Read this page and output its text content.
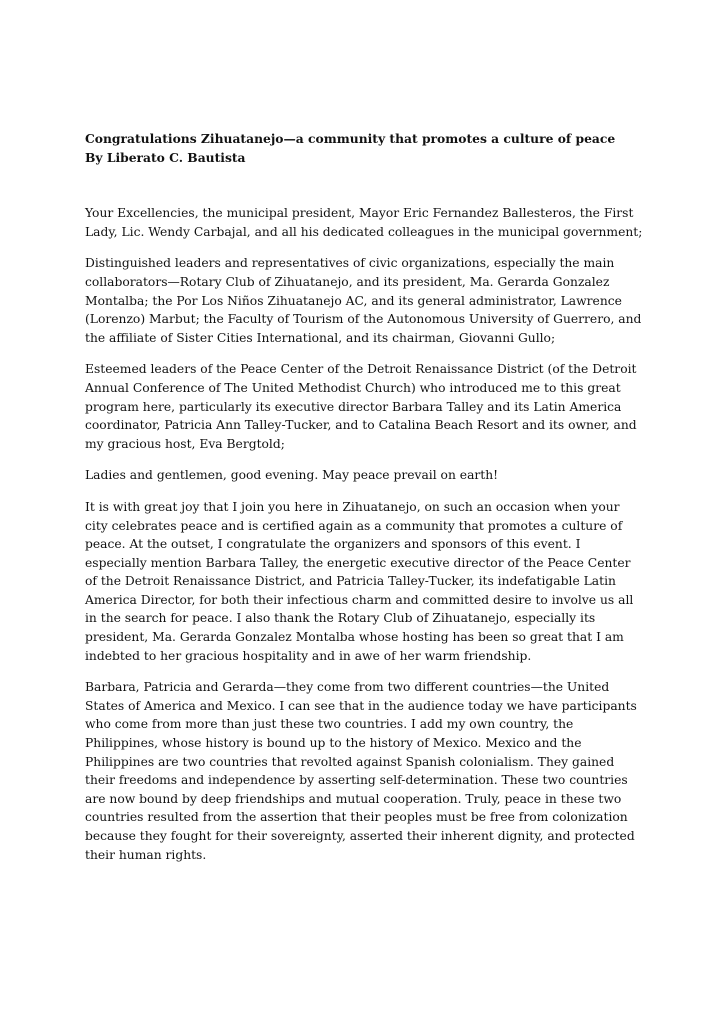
Congratulations Zihuatanejo—a community that promotes a culture of peace
By Liberato C. Bautista

Your Excellencies, the municipal president, Mayor Eric Fernandez Ballesteros, the First Lady, Lic. Wendy Carbajal, and all his dedicated colleagues in the municipal government;

Distinguished leaders and representatives of civic organizations, especially the main collaborators—Rotary Club of Zihuatanejo, and its president, Ma. Gerarda Gonzalez Montalba; the Por Los Niños Zihuatanejo AC, and its general administrator, Lawrence (Lorenzo) Marbut; the Faculty of Tourism of the Autonomous University of Guerrero, and the affiliate of Sister Cities International, and its chairman, Giovanni Gullo;

Esteemed leaders of the Peace Center of the Detroit Renaissance District (of the Detroit Annual Conference of The United Methodist Church) who introduced me to this great program here, particularly its executive director Barbara Talley and its Latin America coordinator, Patricia Ann Talley-Tucker, and to Catalina Beach Resort and its owner, and my gracious host, Eva Bergtold;

Ladies and gentlemen, good evening. May peace prevail on earth!

It is with great joy that I join you here in Zihuatanejo, on such an occasion when your city celebrates peace and is certified again as a community that promotes a culture of peace. At the outset, I congratulate the organizers and sponsors of this event. I especially mention Barbara Talley, the energetic executive director of the Peace Center of the Detroit Renaissance District, and Patricia Talley-Tucker, its indefatigable Latin America Director, for both their infectious charm and committed desire to involve us all in the search for peace. I also thank the Rotary Club of Zihuatanejo, especially its president, Ma. Gerarda Gonzalez Montalba whose hosting has been so great that I am indebted to her gracious hospitality and in awe of her warm friendship.

Barbara, Patricia and Gerarda—they come from two different countries—the United States of America and Mexico. I can see that in the audience today we have participants who come from more than just these two countries. I add my own country, the Philippines, whose history is bound up to the history of Mexico. Mexico and the Philippines are two countries that revolted against Spanish colonialism. They gained their freedoms and independence by asserting self-determination. These two countries are now bound by deep friendships and mutual cooperation. Truly, peace in these two countries resulted from the assertion that their peoples must be free from colonization because they fought for their sovereignty, asserted their inherent dignity, and protected their human rights.
